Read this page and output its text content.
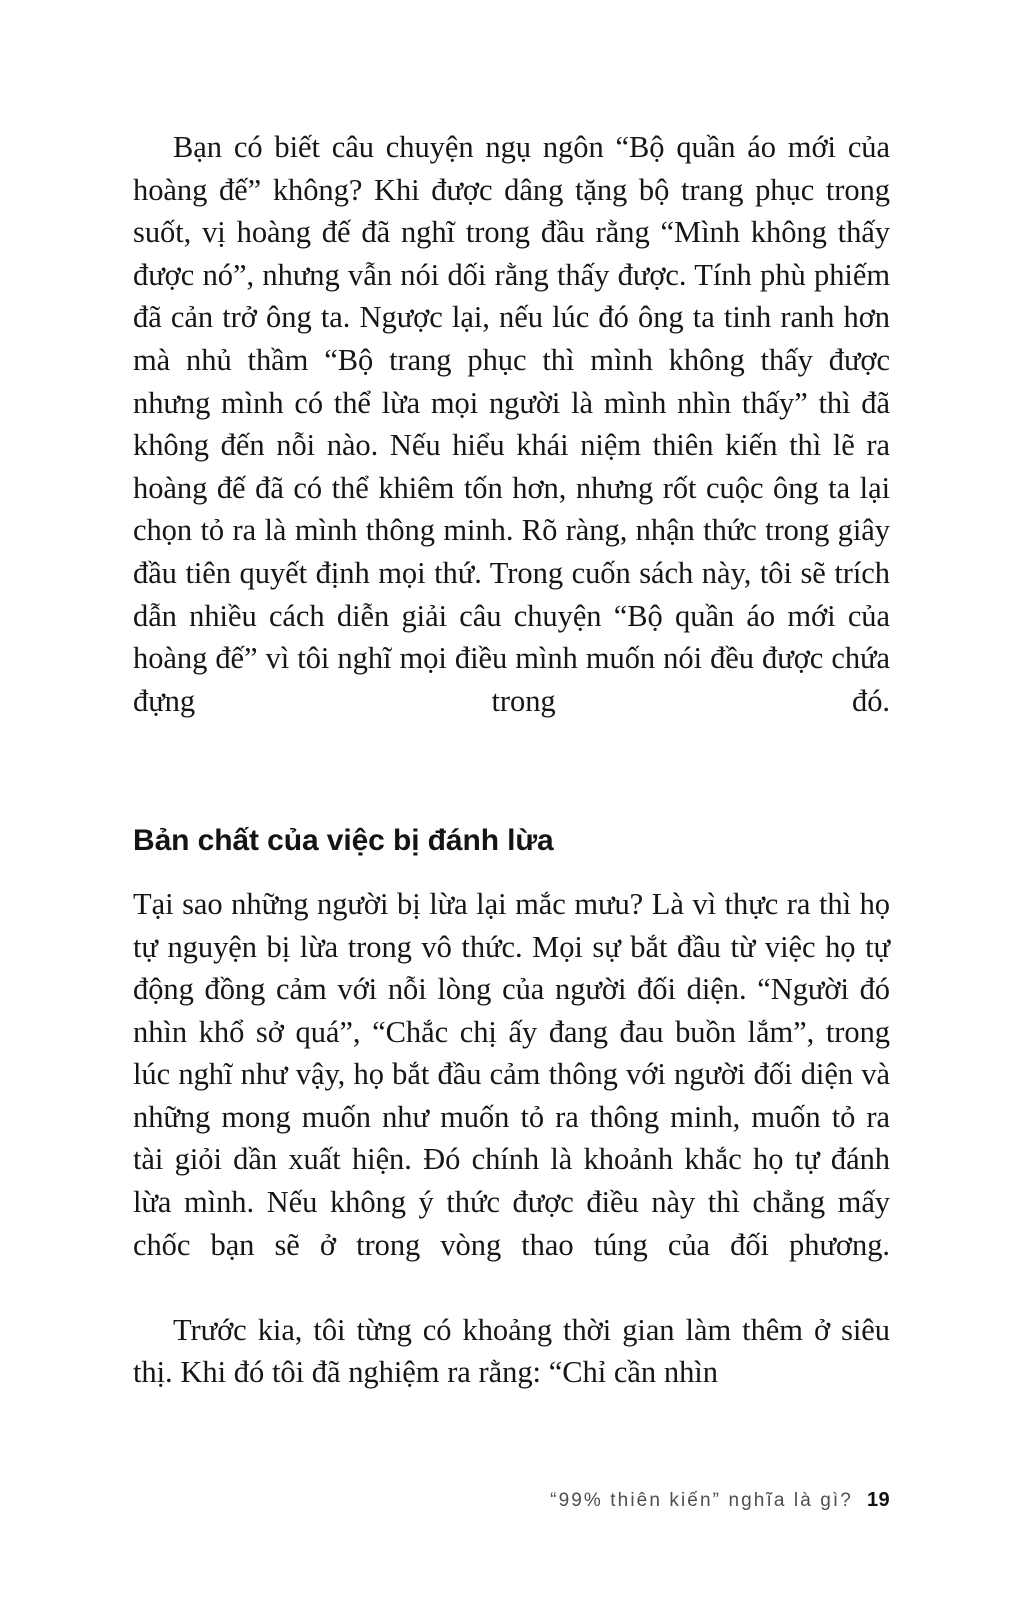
Bạn có biết câu chuyện ngụ ngôn “Bộ quần áo mới của hoàng đế” không? Khi được dâng tặng bộ trang phục trong suốt, vị hoàng đế đã nghĩ trong đầu rằng “Mình không thấy được nó”, nhưng vẫn nói dối rằng thấy được. Tính phù phiếm đã cản trở ông ta. Ngược lại, nếu lúc đó ông ta tinh ranh hơn mà nhủ thầm “Bộ trang phục thì mình không thấy được nhưng mình có thể lừa mọi người là mình nhìn thấy” thì đã không đến nỗi nào. Nếu hiểu khái niệm thiên kiến thì lẽ ra hoàng đế đã có thể khiêm tốn hơn, nhưng rốt cuộc ông ta lại chọn tỏ ra là mình thông minh. Rõ ràng, nhận thức trong giây đầu tiên quyết định mọi thứ. Trong cuốn sách này, tôi sẽ trích dẫn nhiều cách diễn giải câu chuyện “Bộ quần áo mới của hoàng đế” vì tôi nghĩ mọi điều mình muốn nói đều được chứa đựng trong đó.

Bản chất của việc bị đánh lừa

Tại sao những người bị lừa lại mắc mưu? Là vì thực ra thì họ tự nguyện bị lừa trong vô thức. Mọi sự bắt đầu từ việc họ tự động đồng cảm với nỗi lòng của người đối diện. “Người đó nhìn khổ sở quá”, “Chắc chị ấy đang đau buồn lắm”, trong lúc nghĩ như vậy, họ bắt đầu cảm thông với người đối diện và những mong muốn như muốn tỏ ra thông minh, muốn tỏ ra tài giỏi dần xuất hiện. Đó chính là khoảnh khắc họ tự đánh lừa mình. Nếu không ý thức được điều này thì chẳng mấy chốc bạn sẽ ở trong vòng thao túng của đối phương.

Trước kia, tôi từng có khoảng thời gian làm thêm ở siêu thị. Khi đó tôi đã nghiệm ra rằng: “Chỉ cần nhìn

“99% thiên kiến” nghĩa là gì? 19
